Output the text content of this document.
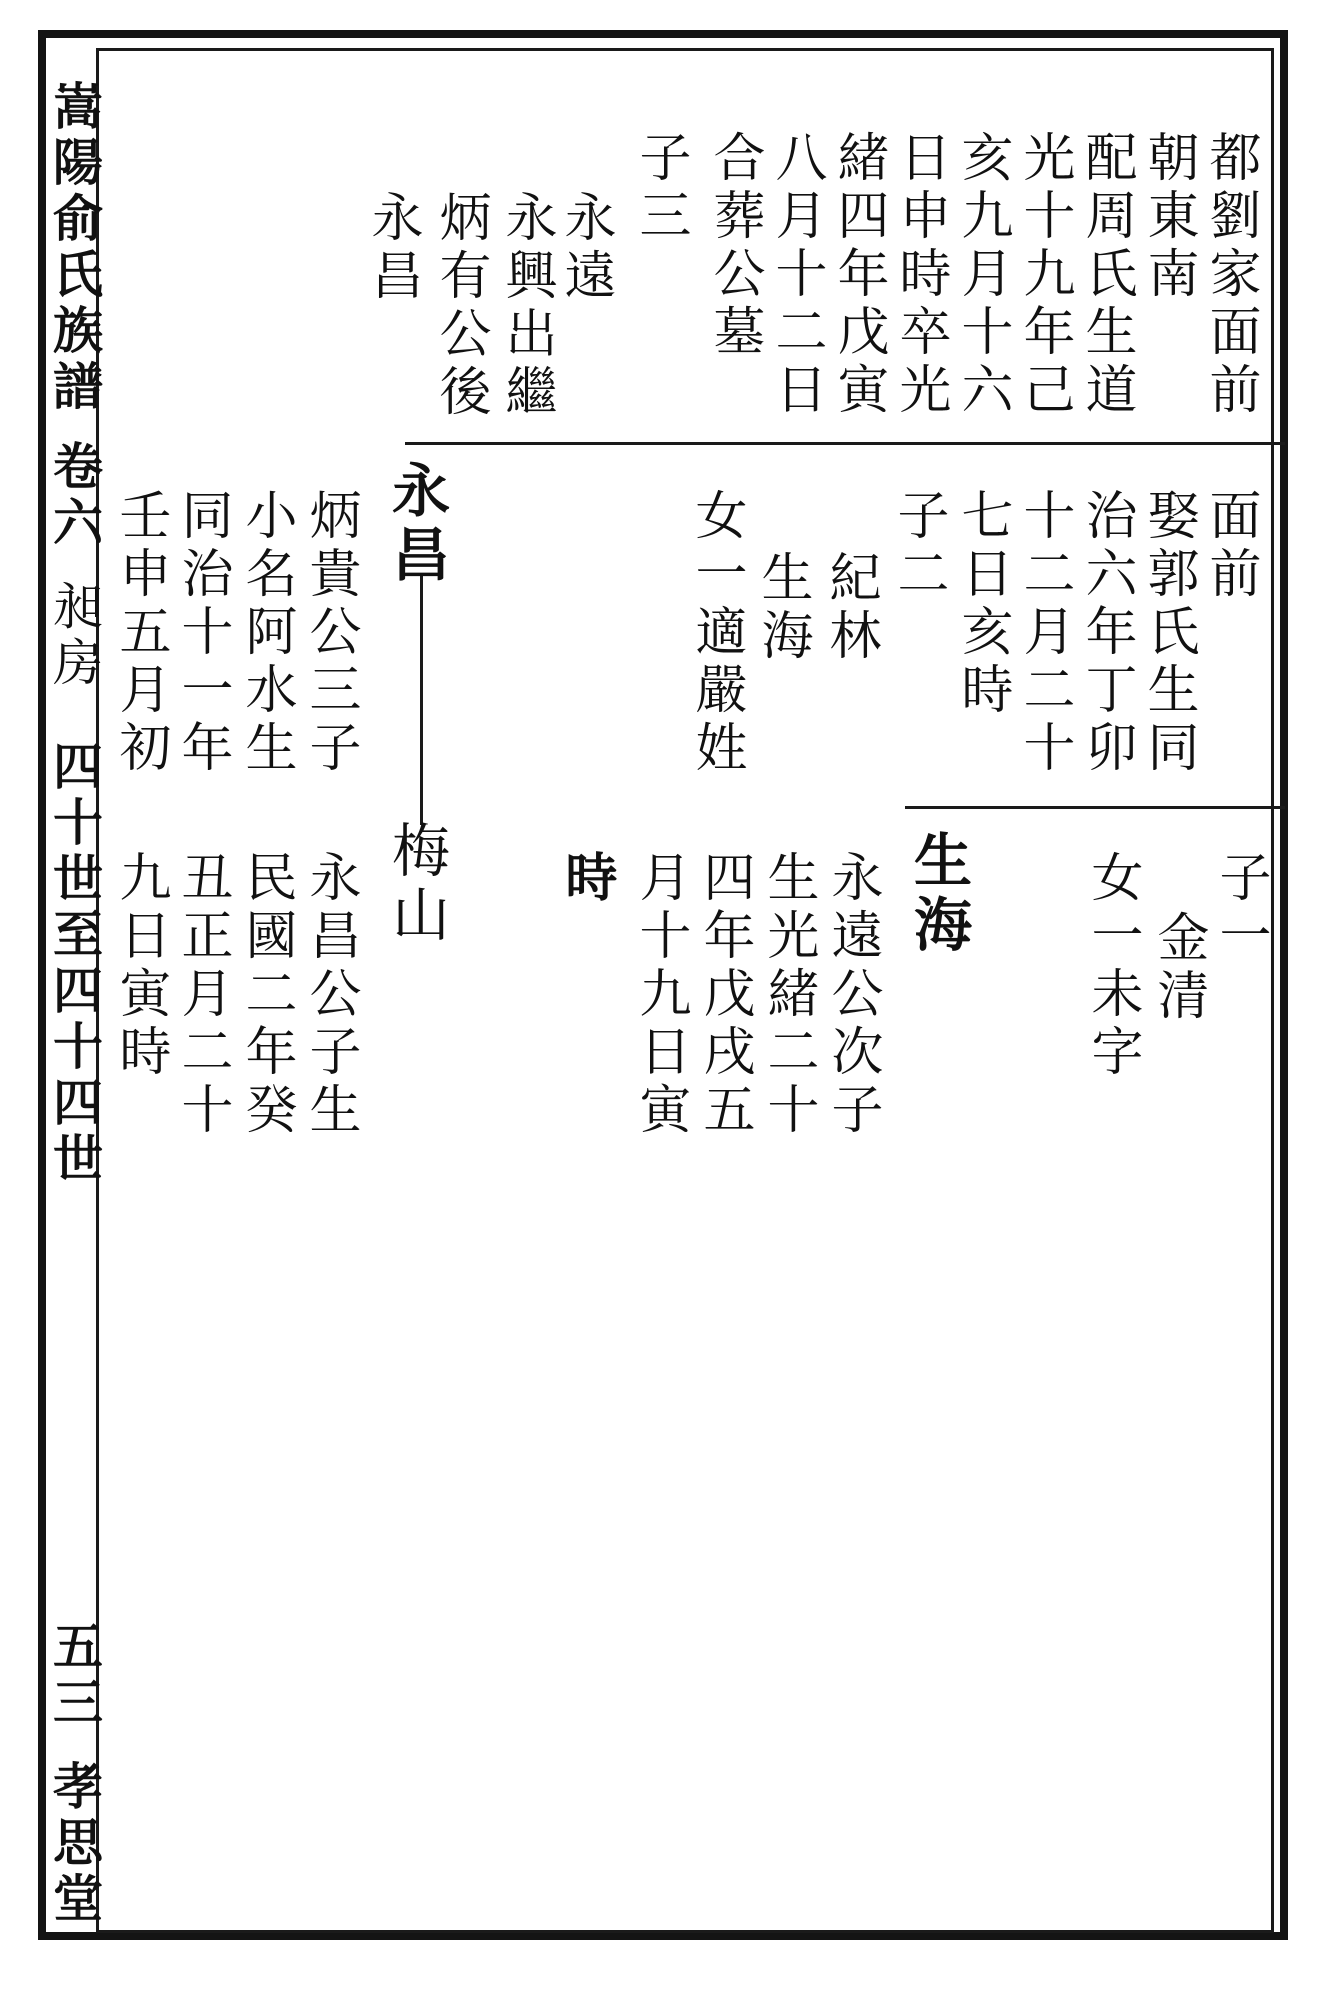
嵩陽俞氏族譜
卷六
昶房
四十世至四十四世
五三
孝思堂
都劉家面前
朝東南
配周氏生道
光十九年己
亥九月十六
日申時卒光
緒四年戊寅
八月十二日
合葬公墓
子三
永遠
永興出繼
炳有公後
永昌
面前
娶郭氏生同
治六年丁卯
十二月二十
七日亥時
子二
紀林
生海
女一適嚴姓
子一
金清
女一未字
生海
永遠公次子
生光緒二十
四年戊戌五
月十九日寅
時
永昌
炳貴公三子
小名阿水生
同治十一年
壬申五月初
梅山
永昌公子生
民國二年癸
丑正月二十
九日寅時
